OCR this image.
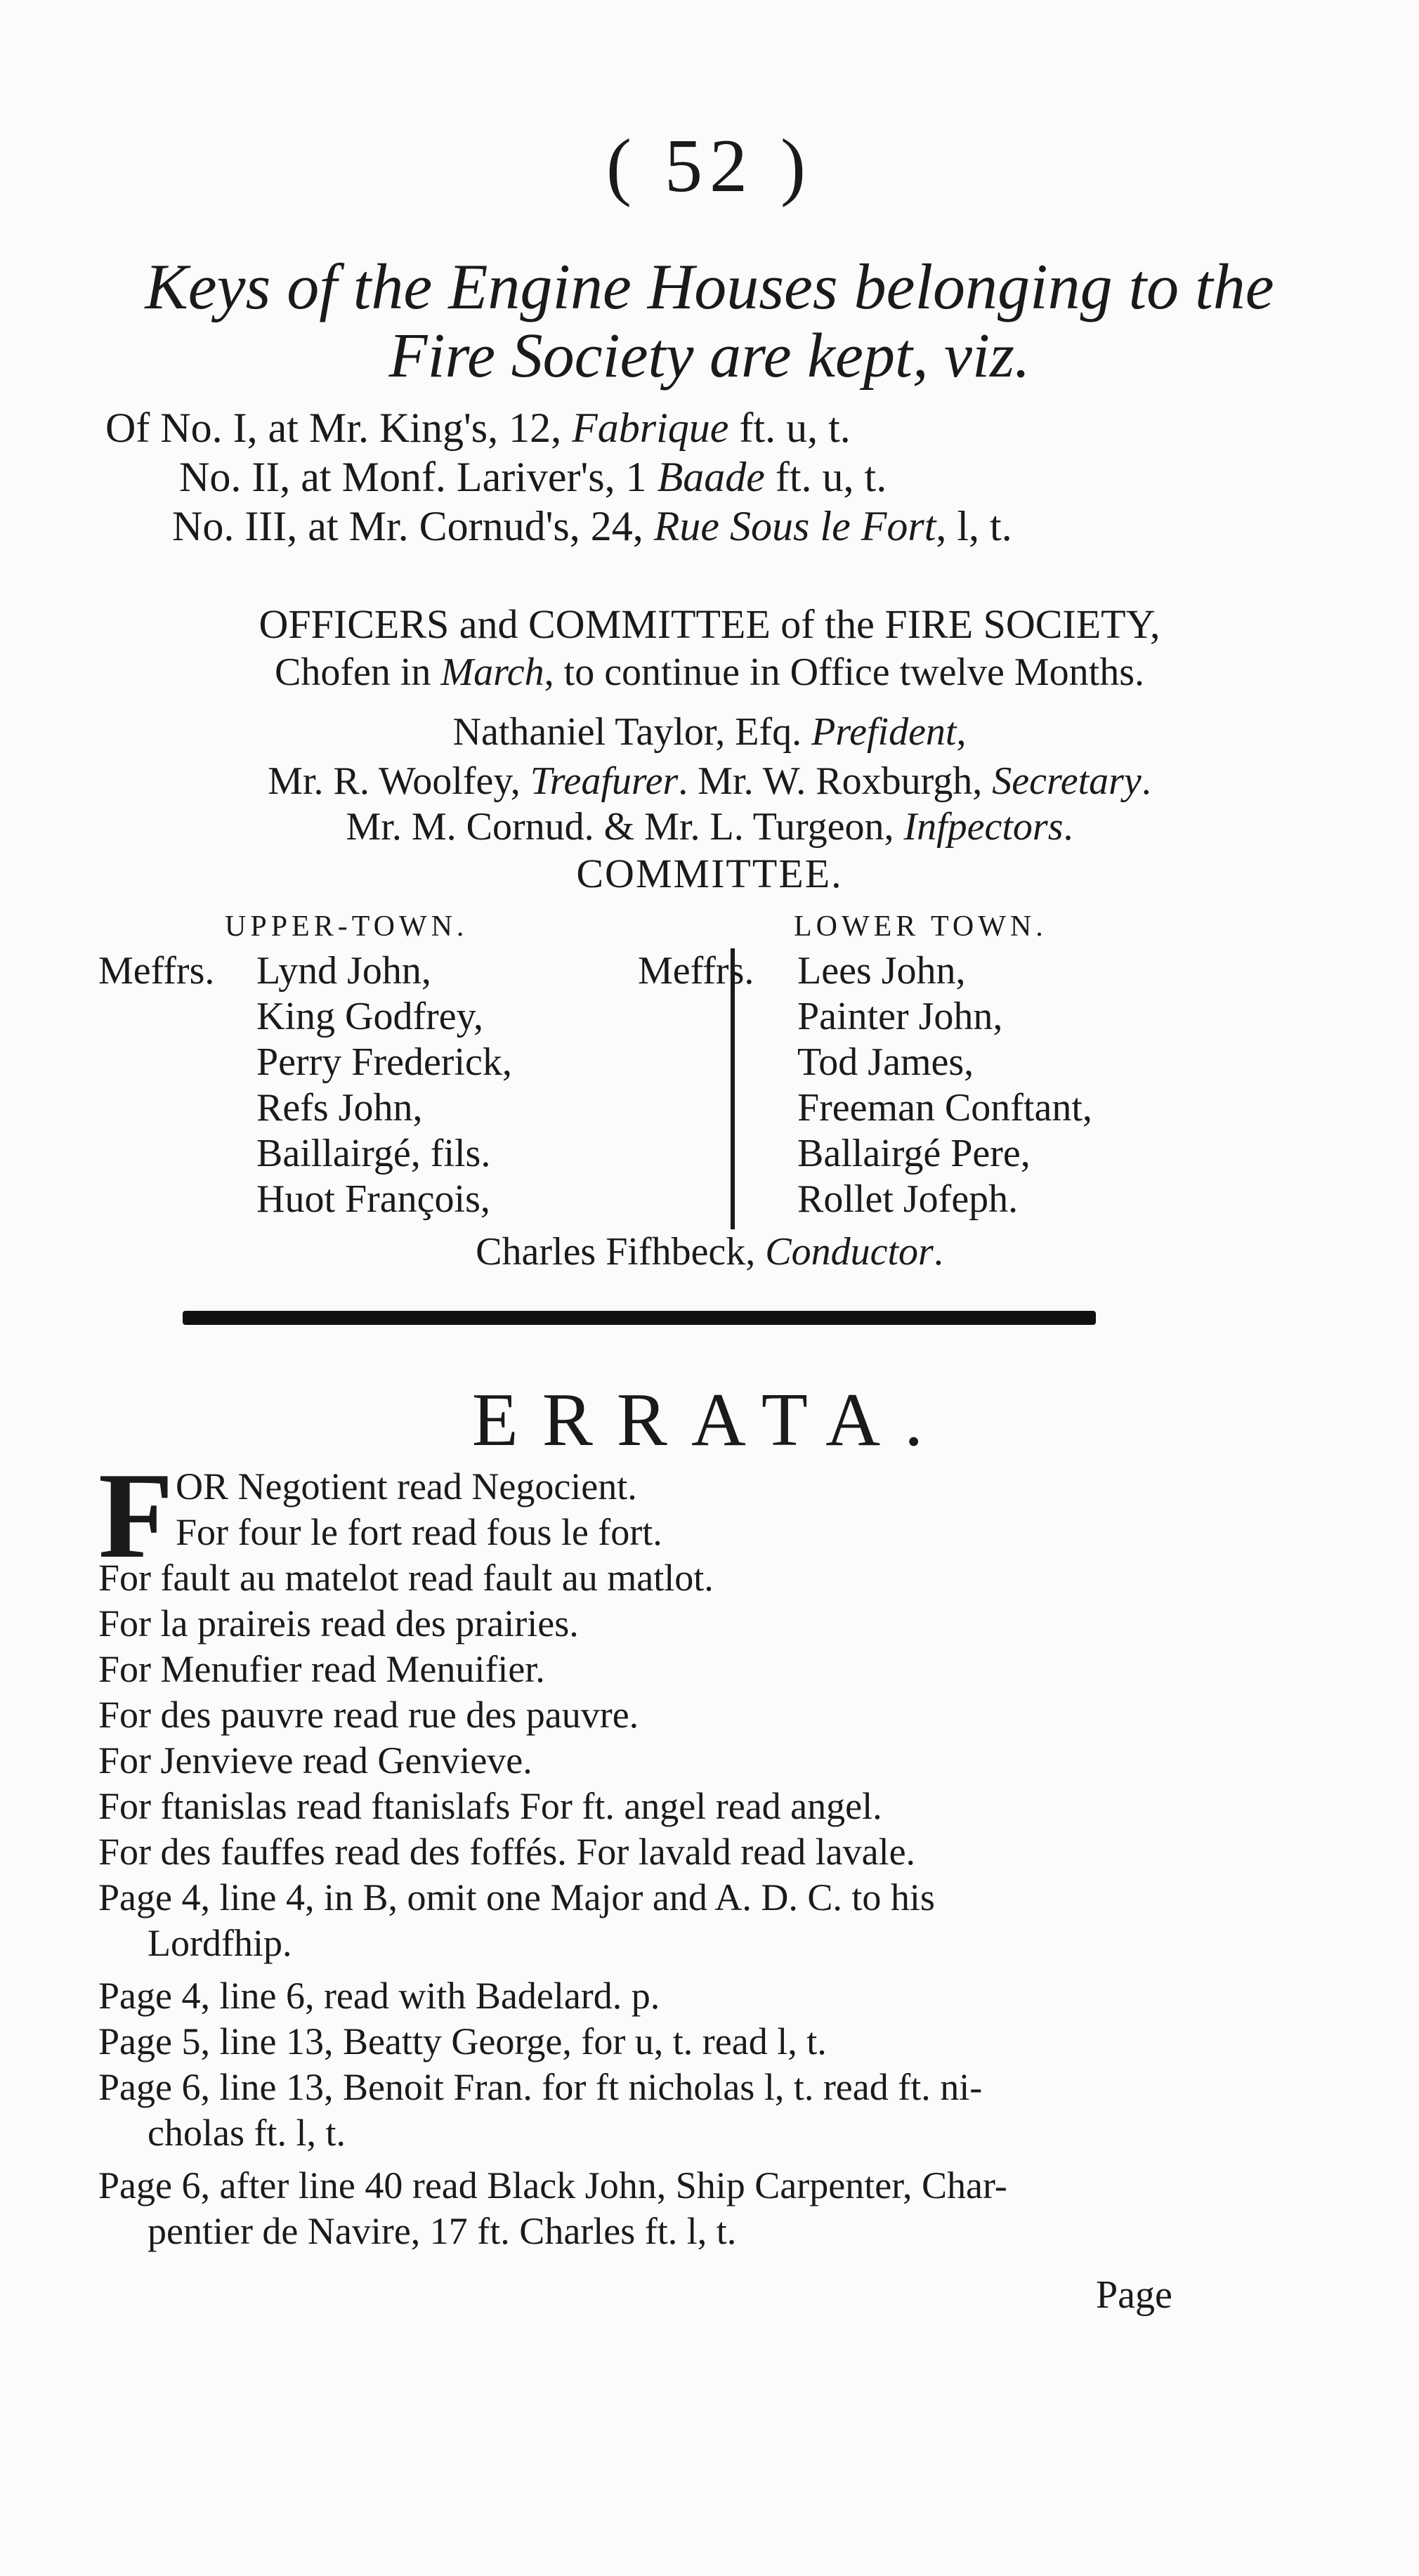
( 52 )
Keys of the Engine Houses belonging to the
Fire Society are kept, viz.
Of No. I, at Mr. King's, 12, Fabrique ft. u, t.
No. II, at Monf. Lariver's, 1 Baade ft. u, t.
No. III, at Mr. Cornud's, 24, Rue Sous le Fort, l, t.
OFFICERS and COMMITTEE of the FIRE SOCIETY,
Chofen in March, to continue in Office twelve Months.
Nathaniel Taylor, Efq. Prefident,
Mr. R. Woolfey, Treafurer. Mr. W. Roxburgh, Secretary.
Mr. M. Cornud. & Mr. L. Turgeon, Infpectors.
COMMITTEE.
UPPER-TOWN.	LOWER TOWN.
Meffrs. Lynd John,
King Godfrey,
Perry Frederick,
Refs John,
Baillairgé, fils.
Huot François,
Meffrs. Lees John,
Painter John,
Tod James,
Freeman Conftant,
Ballairgé Pere,
Rollet Jofeph.
Charles Fifhbeck, Conductor.
ERRATA.
F OR Negotient read Negocient.
For four le fort read fous le fort.
For fault au matelot read fault au matlot.
For la praireis read des prairies.
For Menufier read Menuifier.
For des pauvre read rue des pauvre.
For Jenvieve read Genvieve.
For ftanislas read ftanislafs For ft. angel read angel.
For des fauffes read des foffés. For lavald read lavale.
Page 4, line 4, in B, omit one Major and A. D. C. to his
Lordfhip.
Page 4, line 6, read with Badelard. p.
Page 5, line 13, Beatty George, for u, t. read l, t.
Page 6, line 13, Benoit Fran. for ft nicholas l, t. read ft. ni-
cholas ft. l, t.
Page 6, after line 40 read Black John, Ship Carpenter, Char-
pentier de Navire, 17 ft. Charles ft. l, t.
Page
